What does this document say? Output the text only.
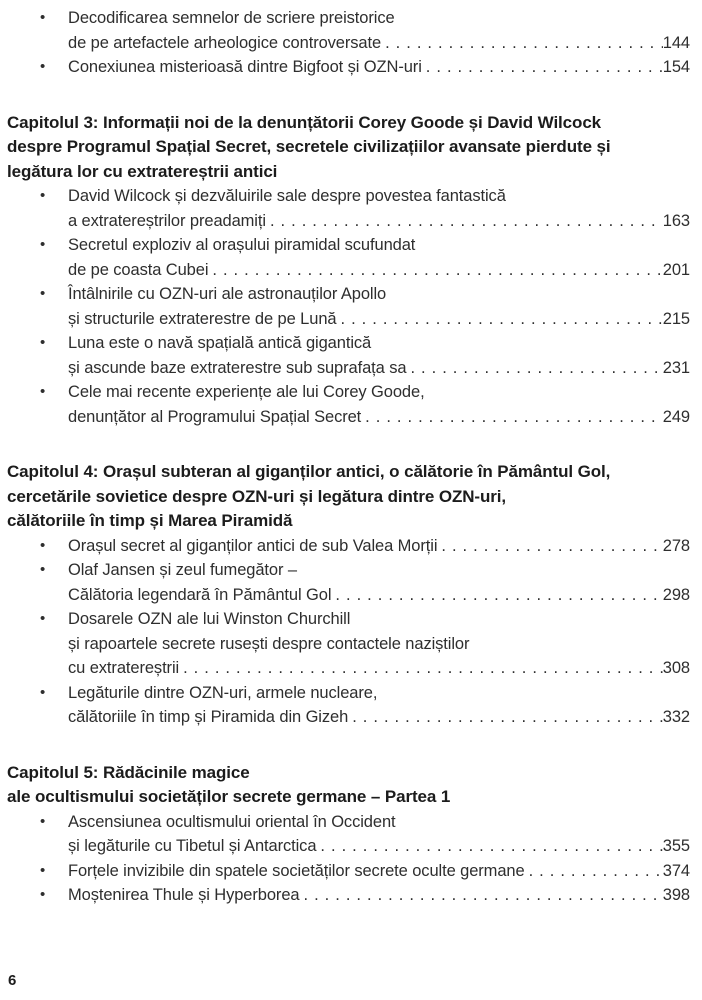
•	Decodificarea semnelor de scriere preistorice
de pe artefactele arheologice controversate .....	144
•	Conexiunea misterioasă dintre Bigfoot și OZN-uri .....	154
Capitolul 3: Informații noi de la denunțătorii Corey Goode și David Wilcock
despre Programul Spațial Secret, secretele civilizațiilor avansate pierdute și
legătura lor cu extratereștrii antici
•	David Wilcock și dezvăluirile sale despre povestea fantastică
a extratereștrilor preadamiți .....	163
•	Secretul exploziv al orașului piramidal scufundat
de pe coasta Cubei .....	201
•	Întâlnirile cu OZN-uri ale astronauților Apollo
și structurile extraterestre de pe Lună .....	215
•	Luna este o navă spațială antică gigantică
și ascunde baze extraterestre sub suprafața sa .....	231
•	Cele mai recente experiențe ale lui Corey Goode,
denunțător al Programului Spațial Secret .....	249
Capitolul 4: Orașul subteran al giganților antici, o călătorie în Pământul Gol,
cercetările sovietice despre OZN-uri și legătura dintre OZN-uri,
călătoriile în timp și Marea Piramidă
•	Orașul secret al giganților antici de sub Valea Morții .....	278
•	Olaf Jansen și zeul fumegător –
Călătoria legendară în Pământul Gol .....	298
•	Dosarele OZN ale lui Winston Churchill
și rapoartele secrete rusești despre contactele naziștilor
cu extratereștrii .....	308
•	Legăturile dintre OZN-uri, armele nucleare,
călătoriile în timp și Piramida din Gizeh .....	332
Capitolul 5: Rădăcinile magice
ale ocultismului societăților secrete germane – Partea 1
•	Ascensiunea ocultismului oriental în Occident
și legăturile cu Tibetul și Antarctica .....	355
•	Forțele invizibile din spatele societăților secrete oculte germane .....	374
•	Moștenirea Thule și Hyperborea .....	398
6
